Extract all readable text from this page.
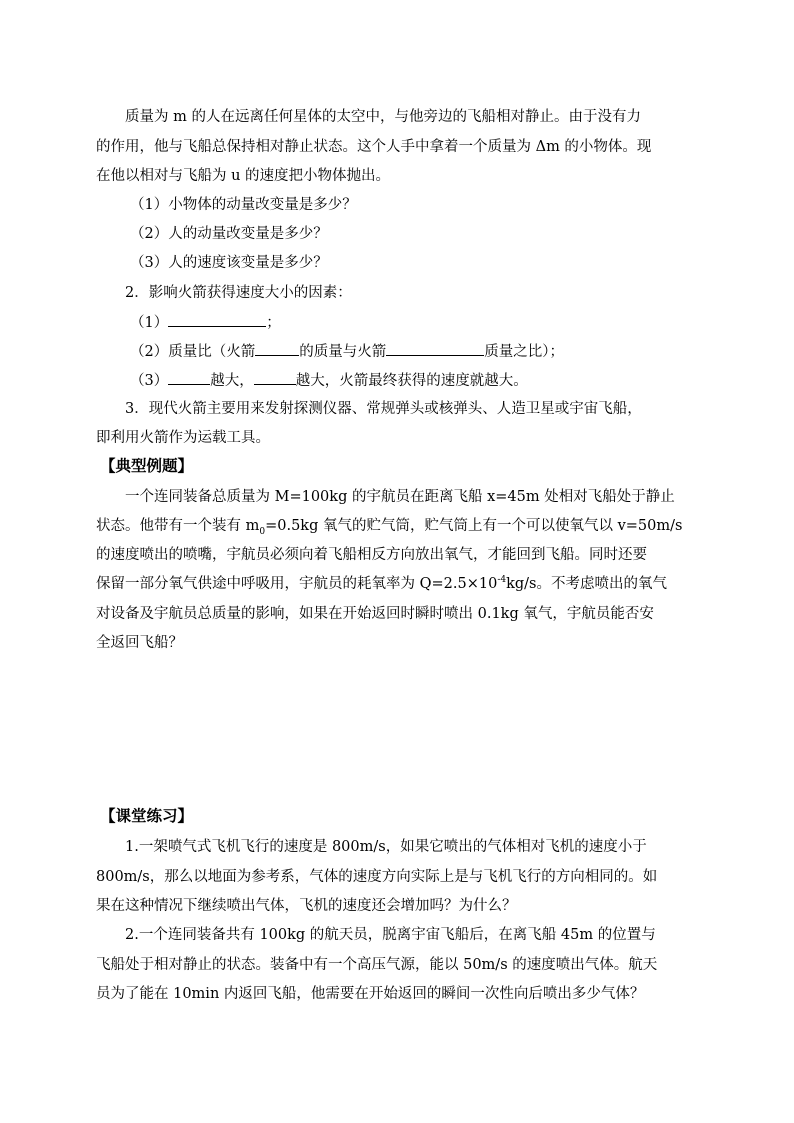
质量为 m 的人在远离任何星体的太空中，与他旁边的飞船相对静止。由于没有力
的作用，他与飞船总保持相对静止状态。这个人手中拿着一个质量为 Δm 的小物体。现
在他以相对与飞船为 u 的速度把小物体抛出。
（1）小物体的动量改变量是多少？
（2）人的动量改变量是多少？
（3）人的速度该变量是多少？
2．影响火箭获得速度大小的因素：
（1）	；
（2）质量比（火箭	的质量与火箭	质量之比）；
（3）	越大，	越大，火箭最终获得的速度就越大。
3．现代火箭主要用来发射探测仪器、常规弹头或核弹头、人造卫星或宇宙飞船，
即利用火箭作为运载工具。
【典型例题】
一个连同装备总质量为 M=100kg 的宇航员在距离飞船 x=45m 处相对飞船处于静止
状态。他带有一个装有 $m_0=0.5kg$ 氧气的贮气筒，贮气筒上有一个可以使氧气以 v=50m/s
的速度喷出的喷嘴，宇航员必须向着飞船相反方向放出氧气，才能回到飞船。同时还要
保留一部分氧气供途中呼吸用，宇航员的耗氧率为 $Q=2.5\times 10^{-4}kg/s$。不考虑喷出的氧气
对设备及宇航员总质量的影响，如果在开始返回时瞬时喷出 0.1kg 氧气，宇航员能否安
全返回飞船？
【课堂练习】
1.一架喷气式飞机飞行的速度是 800m/s，如果它喷出的气体相对飞机的速度小于
800m/s，那么以地面为参考系，气体的速度方向实际上是与飞机飞行的方向相同的。如
果在这种情况下继续喷出气体，飞机的速度还会增加吗？为什么？
2.一个连同装备共有 100kg 的航天员，脱离宇宙飞船后，在离飞船 45m 的位置与
飞船处于相对静止的状态。装备中有一个高压气源，能以 50m/s 的速度喷出气体。航天
员为了能在 10min 内返回飞船，他需要在开始返回的瞬间一次性向后喷出多少气体？
